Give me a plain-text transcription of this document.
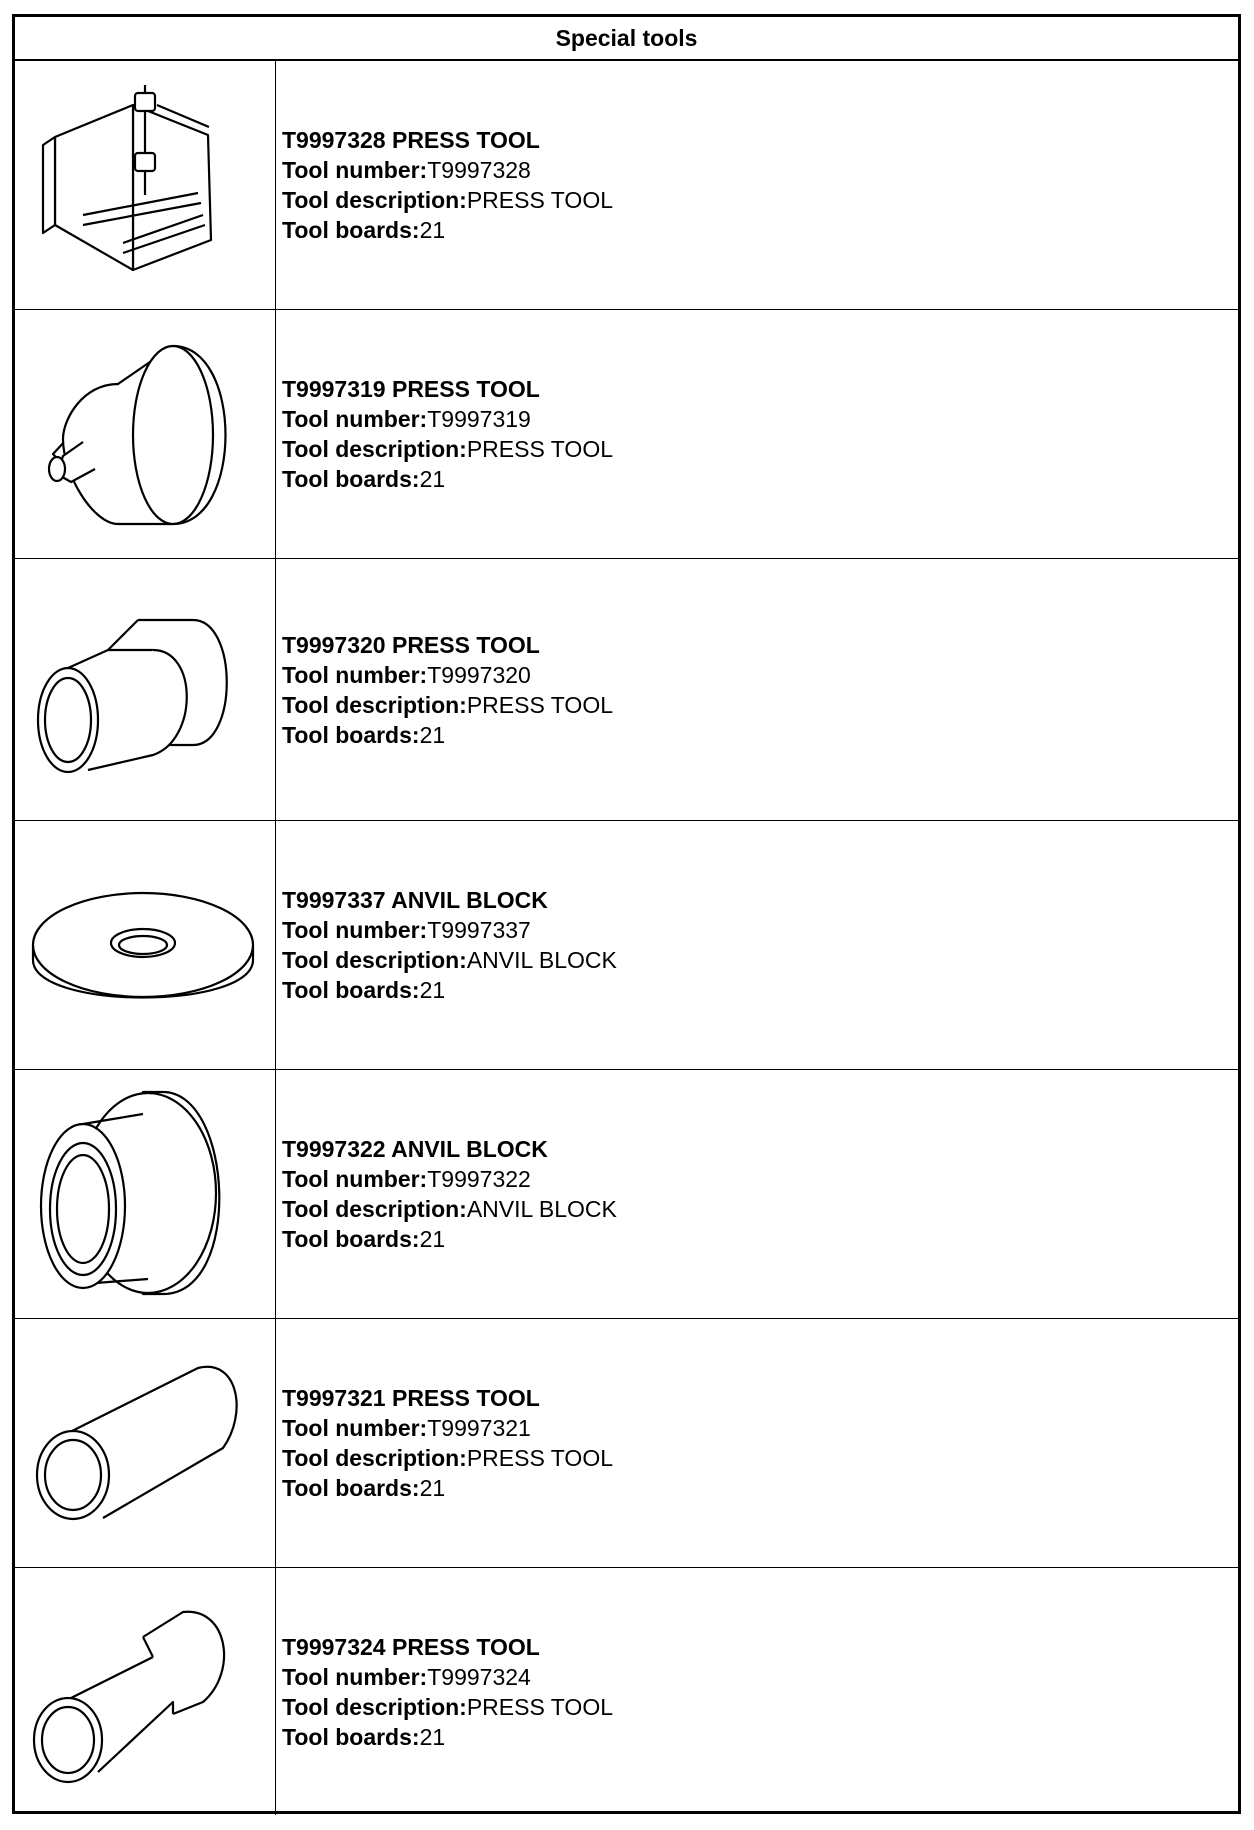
Special tools
T9997328 PRESS TOOL
Tool number:T9997328
Tool description:PRESS TOOL
Tool boards:21
T9997319 PRESS TOOL
Tool number:T9997319
Tool description:PRESS TOOL
Tool boards:21
T9997320 PRESS TOOL
Tool number:T9997320
Tool description:PRESS TOOL
Tool boards:21
T9997337 ANVIL BLOCK
Tool number:T9997337
Tool description:ANVIL BLOCK
Tool boards:21
T9997322 ANVIL BLOCK
Tool number:T9997322
Tool description:ANVIL BLOCK
Tool boards:21
T9997321 PRESS TOOL
Tool number:T9997321
Tool description:PRESS TOOL
Tool boards:21
T9997324 PRESS TOOL
Tool number:T9997324
Tool description:PRESS TOOL
Tool boards:21
